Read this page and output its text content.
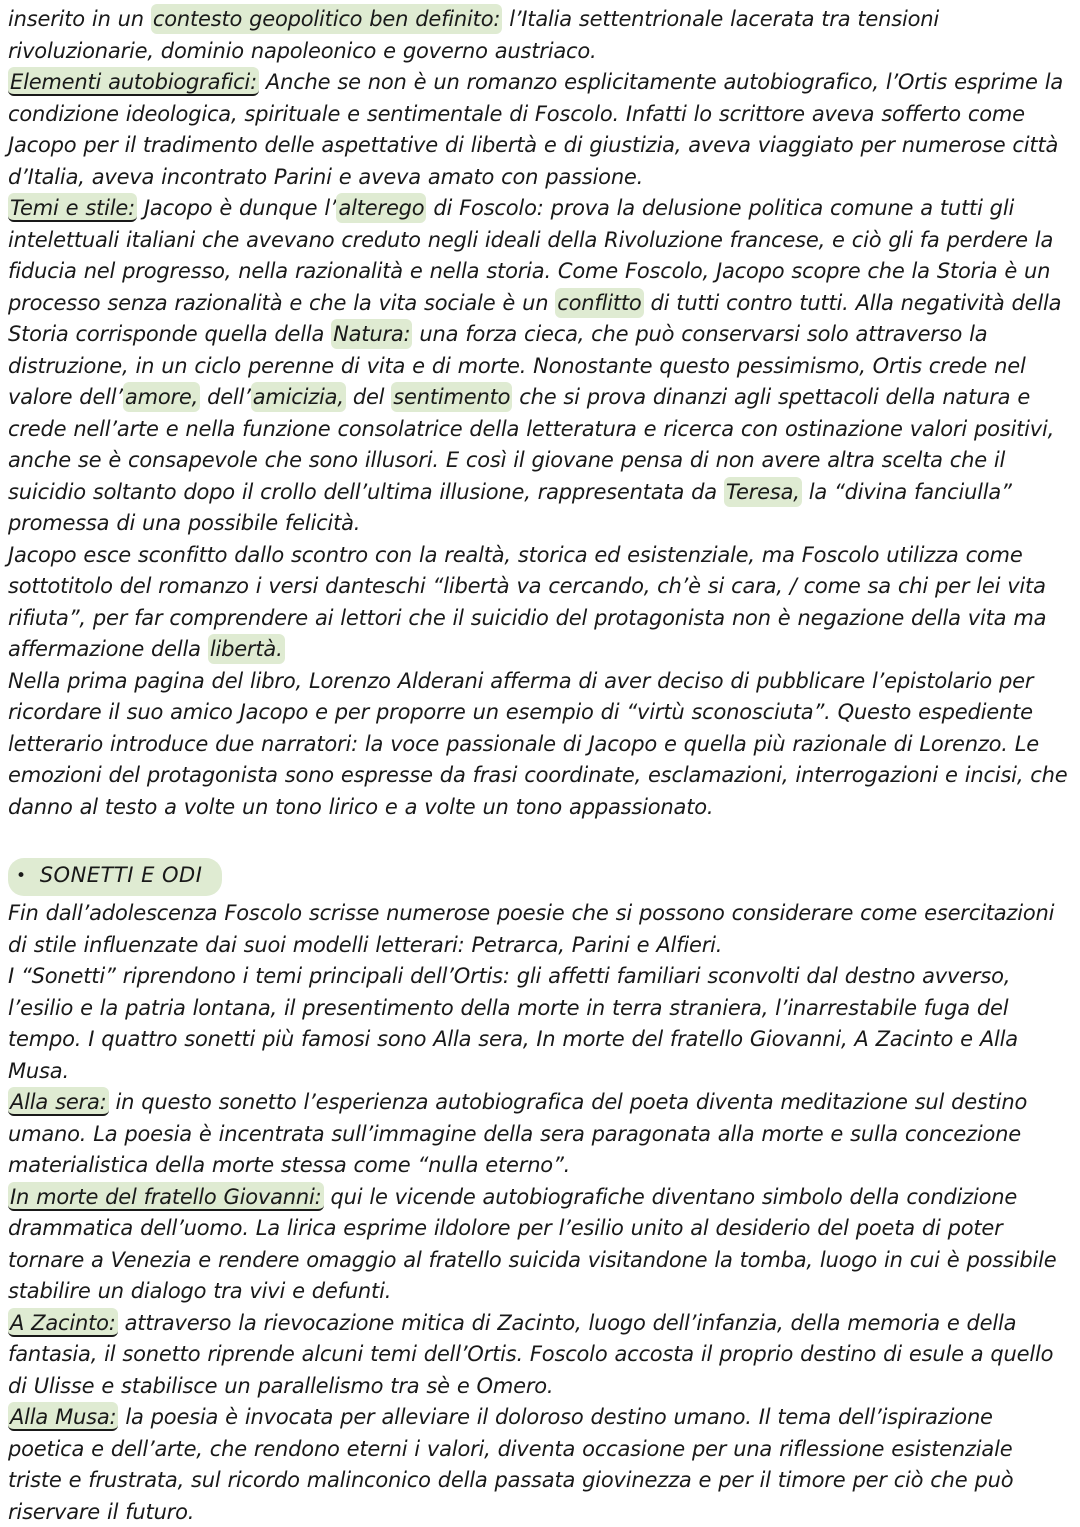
inserito in un contesto geopolitico ben definito: l’Italia settentrionale lacerata tra tensioni rivoluzionarie, dominio napoleonico e governo austriaco.

Elementi autobiografici: Anche se non è un romanzo esplicitamente autobiografico, l’Ortis esprime la condizione ideologica, spirituale e sentimentale di Foscolo. Infatti lo scrittore aveva sofferto come Jacopo per il tradimento delle aspettative di libertà e di giustizia, aveva viaggiato per numerose città d’Italia, aveva incontrato Parini e aveva amato con passione.

Temi e stile: Jacopo è dunque l’alterego di Foscolo: prova la delusione politica comune a tutti gli intelettuali italiani che avevano creduto negli ideali della Rivoluzione francese, e ciò gli fa perdere la fiducia nel progresso, nella razionalità e nella storia. Come Foscolo, Jacopo scopre che la Storia è un processo senza razionalità e che la vita sociale è un conflitto di tutti contro tutti. Alla negatività della Storia corrisponde quella della Natura: una forza cieca, che può conservarsi solo attraverso la distruzione, in un ciclo perenne di vita e di morte. Nonostante questo pessimismo, Ortis crede nel valore dell’amore, dell’amicizia, del sentimento che si prova dinanzi agli spettacoli della natura e crede nell’arte e nella funzione consolatrice della letteratura e ricerca con ostinazione valori positivi, anche se è consapevole che sono illusori. E così il giovane pensa di non avere altra scelta che il suicidio soltanto dopo il crollo dell’ultima illusione, rappresentata da Teresa, la “divina fanciulla” promessa di una possibile felicità.

Jacopo esce sconfitto dallo scontro con la realtà, storica ed esistenziale, ma Foscolo utilizza come sottotitolo del romanzo i versi danteschi “libertà va cercando, ch’è si cara, / come sa chi per lei vita rifiuta”, per far comprendere ai lettori che il suicidio del protagonista non è negazione della vita ma affermazione della libertà.

Nella prima pagina del libro, Lorenzo Alderani afferma di aver deciso di pubblicare l’epistolario per ricordare il suo amico Jacopo e per proporre un esempio di “virtù sconosciuta”. Questo espediente letterario introduce due narratori: la voce passionale di Jacopo e quella più razionale di Lorenzo. Le emozioni del protagonista sono espresse da frasi coordinate, esclamazioni, interrogazioni e incisi, che danno al testo a volte un tono lirico e a volte un tono appassionato.

• SONETTI E ODI

Fin dall’adolescenza Foscolo scrisse numerose poesie che si possono considerare come esercitazioni di stile influenzate dai suoi modelli letterari: Petrarca, Parini e Alfieri.

I “Sonetti” riprendono i temi principali dell’Ortis: gli affetti familiari sconvolti dal destno avverso, l’esilio e la patria lontana, il presentimento della morte in terra straniera, l’inarrestabile fuga del tempo. I quattro sonetti più famosi sono Alla sera, In morte del fratello Giovanni, A Zacinto e Alla Musa.

Alla sera: in questo sonetto l’esperienza autobiografica del poeta diventa meditazione sul destino umano. La poesia è incentrata sull’immagine della sera paragonata alla morte e sulla concezione materialistica della morte stessa come “nulla eterno”.

In morte del fratello Giovanni: qui le vicende autobiografiche diventano simbolo della condizione drammatica dell’uomo. La lirica esprime ildolore per l’esilio unito al desiderio del poeta di poter tornare a Venezia e rendere omaggio al fratello suicida visitandone la tomba, luogo in cui è possibile stabilire un dialogo tra vivi e defunti.

A Zacinto: attraverso la rievocazione mitica di Zacinto, luogo dell’infanzia, della memoria e della fantasia, il sonetto riprende alcuni temi dell’Ortis. Foscolo accosta il proprio destino di esule a quello di Ulisse e stabilisce un parallelismo tra sè e Omero.

Alla Musa: la poesia è invocata per alleviare il doloroso destino umano. Il tema dell’ispirazione poetica e dell’arte, che rendono eterni i valori, diventa occasione per una riflessione esistenziale triste e frustrata, sul ricordo malinconico della passata giovinezza e per il timore per ciò che può riservare il futuro.
